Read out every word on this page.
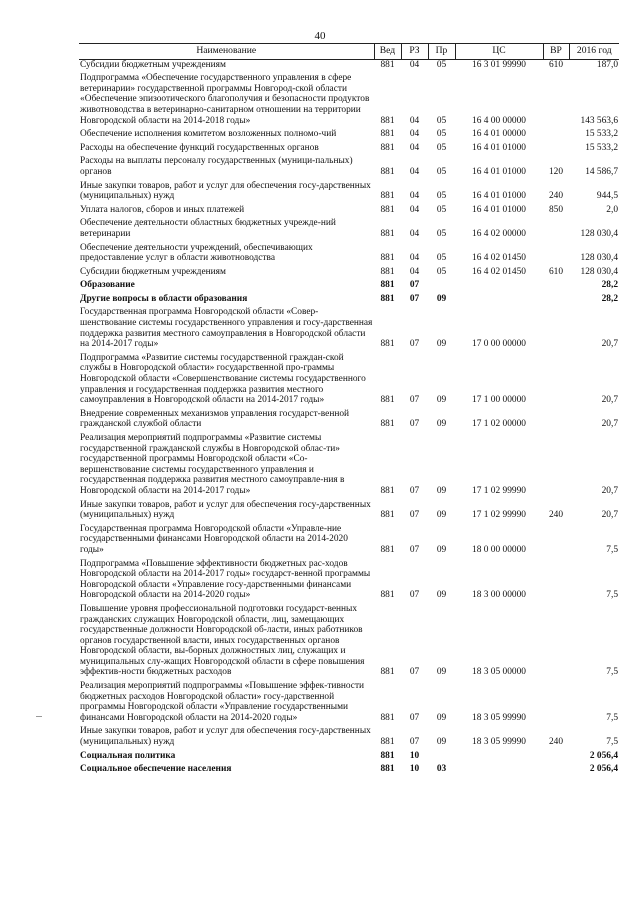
40
Наименование	Вед	РЗ	Пр	ЦС	ВР	2016 год
Субсидии бюджетным учреждениям	881	04	05	16 3 01 99990	610	187,0
Подпрограмма «Обеспечение государственного управления в сфере ветеринарии» государственной программы Новгород-ской области «Обеспечение эпизоотического благополучия и безопасности продуктов животноводства в ветеринарно-санитарном отношении на территории Новгородской области на 2014-2018 годы»	881	04	05	16 4 00 00000		143 563,6
Обеспечение исполнения комитетом возложенных полномо-чий	881	04	05	16 4 01 00000		15 533,2
Расходы на обеспечение функций государственных органов	881	04	05	16 4 01 01000		15 533,2
Расходы на выплаты персоналу государственных (муници-пальных) органов	881	04	05	16 4 01 01000	120	14 586,7
Иные закупки товаров, работ и услуг для обеспечения госу-дарственных (муниципальных) нужд	881	04	05	16 4 01 01000	240	944,5
Уплата налогов, сборов и иных платежей	881	04	05	16 4 01 01000	850	2,0
Обеспечение деятельности областных бюджетных учрежде-ний ветеринарии	881	04	05	16 4 02 00000		128 030,4
Обеспечение деятельности учреждений, обеспечивающих предоставление услуг в области животноводства	881	04	05	16 4 02 01450		128 030,4
Субсидии бюджетным учреждениям	881	04	05	16 4 02 01450	610	128 030,4
Образование	881	07				28,2
Другие вопросы в области образования	881	07	09			28,2
Государственная программа Новгородской области «Совер-шенствование системы государственного управления и госу-дарственная поддержка развития местного самоуправления в Новгородской области на 2014-2017 годы»	881	07	09	17 0 00 00000		20,7
Подпрограмма «Развитие системы государственной граждан-ской службы в Новгородской области» государственной про-граммы Новгородской области «Совершенствование системы государственного управления и государственная поддержка развития местного самоуправления в Новгородской области на 2014-2017 годы»	881	07	09	17 1 00 00000		20,7
Внедрение современных механизмов управления государст-венной гражданской службой области	881	07	09	17 1 02 00000		20,7
Реализация мероприятий подпрограммы «Развитие системы государственной гражданской службы в Новгородской облас-ти» государственной программы Новгородской области «Со-вершенствование системы государственного управления и государственная поддержка развития местного самоуправле-ния в Новгородской области на 2014-2017 годы»	881	07	09	17 1 02 99990		20,7
Иные закупки товаров, работ и услуг для обеспечения госу-дарственных (муниципальных) нужд	881	07	09	17 1 02 99990	240	20,7
Государственная программа Новгородской области «Управле-ние государственными финансами Новгородской области на 2014-2020 годы»	881	07	09	18 0 00 00000		7,5
Подпрограмма «Повышение эффективности бюджетных рас-ходов Новгородской области на 2014-2017 годы» государст-венной программы Новгородской области «Управление госу-дарственными финансами Новгородской области на 2014-2020 годы»	881	07	09	18 3 00 00000		7,5
Повышение уровня профессиональной подготовки государст-венных гражданских служащих Новгородской области, лиц, замещающих государственные должности Новгородской об-ласти, иных работников органов государственной власти, иных государственных органов Новгородской области, вы-борных должностных лиц, служащих и муниципальных слу-жащих Новгородской области в сфере повышения эффектив-ности бюджетных расходов	881	07	09	18 3 05 00000		7,5
Реализация мероприятий подпрограммы «Повышение эффек-тивности бюджетных расходов Новгородской области» госу-дарственной программы Новгородской области «Управление государственными финансами Новгородской области на 2014-2020 годы»	881	07	09	18 3 05 99990		7,5
Иные закупки товаров, работ и услуг для обеспечения госу-дарственных (муниципальных) нужд	881	07	09	18 3 05 99990	240	7,5
Социальная политика	881	10				2 056,4
Социальное обеспечение населения	881	10	03			2 056,4
